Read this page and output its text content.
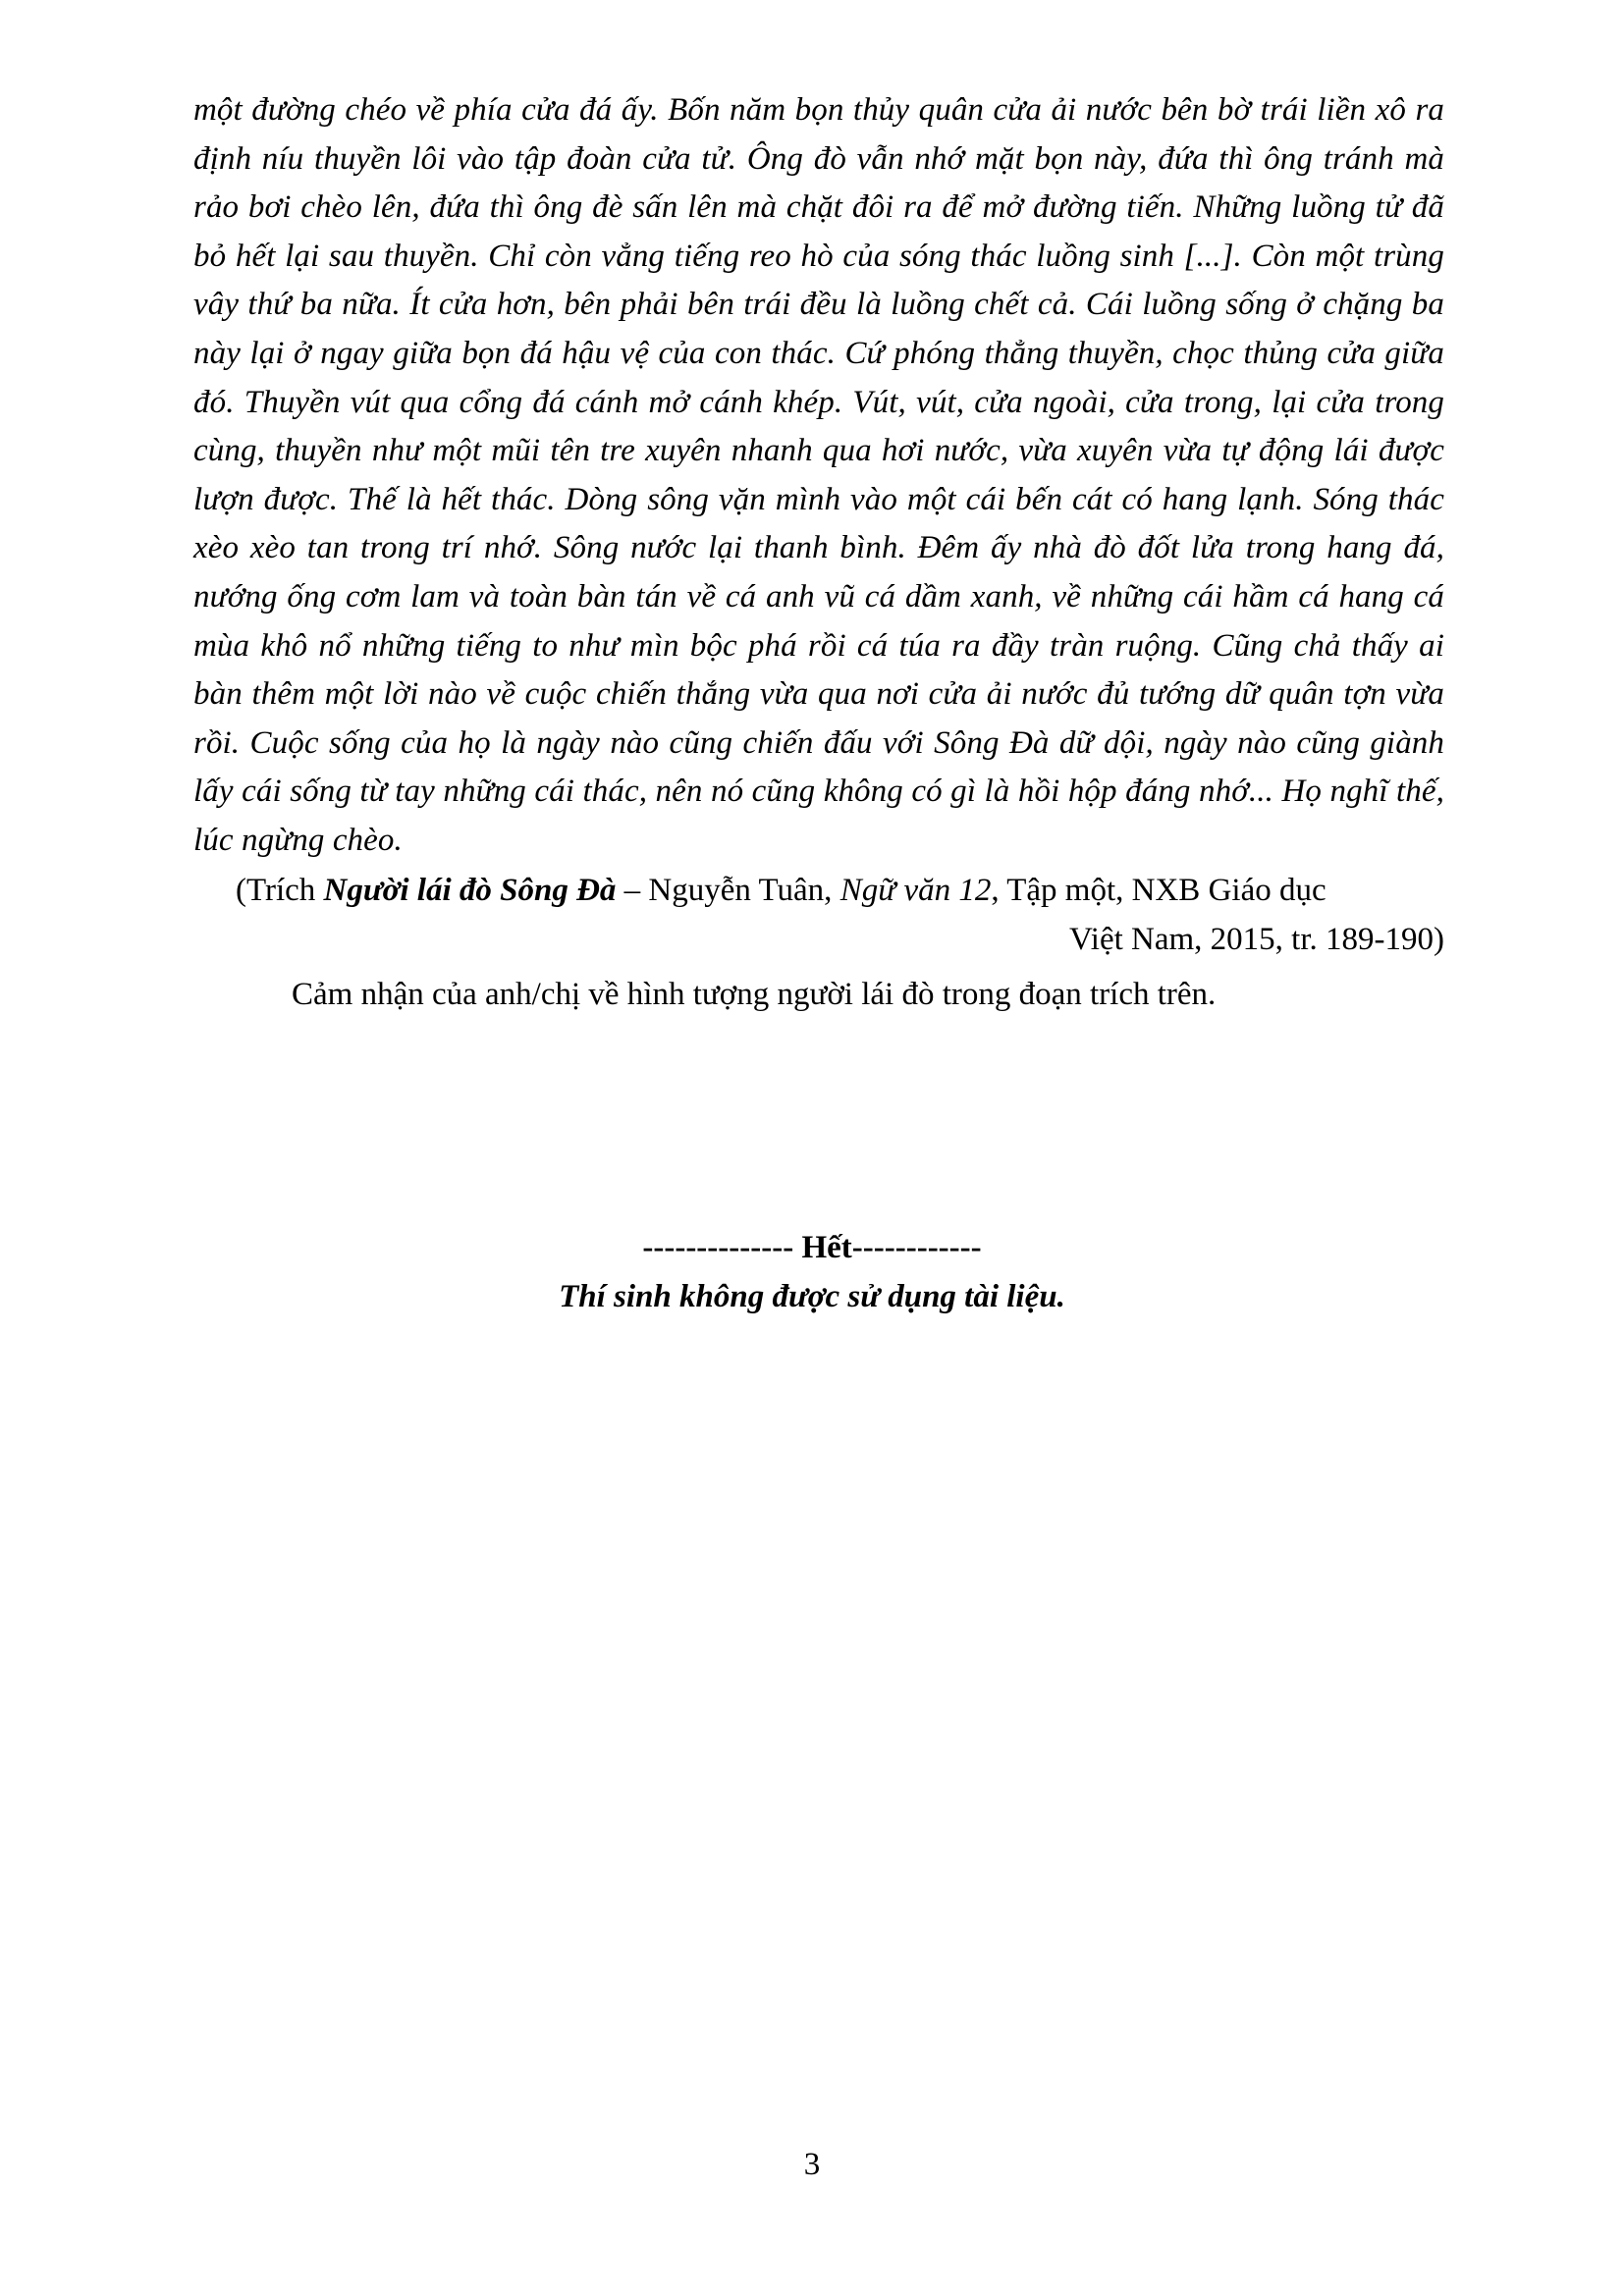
một đường chéo về phía cửa đá ấy. Bốn năm bọn thủy quân cửa ải nước bên bờ trái liền xô ra định níu thuyền lôi vào tập đoàn cửa tử. Ông đò vẫn nhớ mặt bọn này, đứa thì ông tránh mà rảo bơi chèo lên, đứa thì ông đè sấn lên mà chặt đôi ra để mở đường tiến. Những luồng tử đã bỏ hết lại sau thuyền. Chỉ còn vẳng tiếng reo hò của sóng thác luồng sinh [...]. Còn một trùng vây thứ ba nữa. Ít cửa hơn, bên phải bên trái đều là luồng chết cả. Cái luồng sống ở chặng ba này lại ở ngay giữa bọn đá hậu vệ của con thác. Cứ phóng thẳng thuyền, chọc thủng cửa giữa đó. Thuyền vút qua cổng đá cánh mở cánh khép. Vút, vút, cửa ngoài, cửa trong, lại cửa trong cùng, thuyền như một mũi tên tre xuyên nhanh qua hơi nước, vừa xuyên vừa tự động lái được lượn được. Thế là hết thác. Dòng sông vặn mình vào một cái bến cát có hang lạnh. Sóng thác xèo xèo tan trong trí nhớ. Sông nước lại thanh bình. Đêm ấy nhà đò đốt lửa trong hang đá, nướng ống cơm lam và toàn bàn tán về cá anh vũ cá dầm xanh, về những cái hầm cá hang cá mùa khô nổ những tiếng to như mìn bộc phá rồi cá túa ra đầy tràn ruộng. Cũng chả thấy ai bàn thêm một lời nào về cuộc chiến thắng vừa qua nơi cửa ải nước đủ tướng dữ quân tợn vừa rồi. Cuộc sống của họ là ngày nào cũng chiến đấu với Sông Đà dữ dội, ngày nào cũng giành lấy cái sống từ tay những cái thác, nên nó cũng không có gì là hồi hộp đáng nhớ... Họ nghĩ thế, lúc ngừng chèo.

(Trích Người lái đò Sông Đà – Nguyễn Tuân, Ngữ văn 12, Tập một, NXB Giáo dục
Việt Nam, 2015, tr. 189-190)

Cảm nhận của anh/chị về hình tượng người lái đò trong đoạn trích trên.

-------------- Hết------------

Thí sinh không được sử dụng tài liệu.

3
